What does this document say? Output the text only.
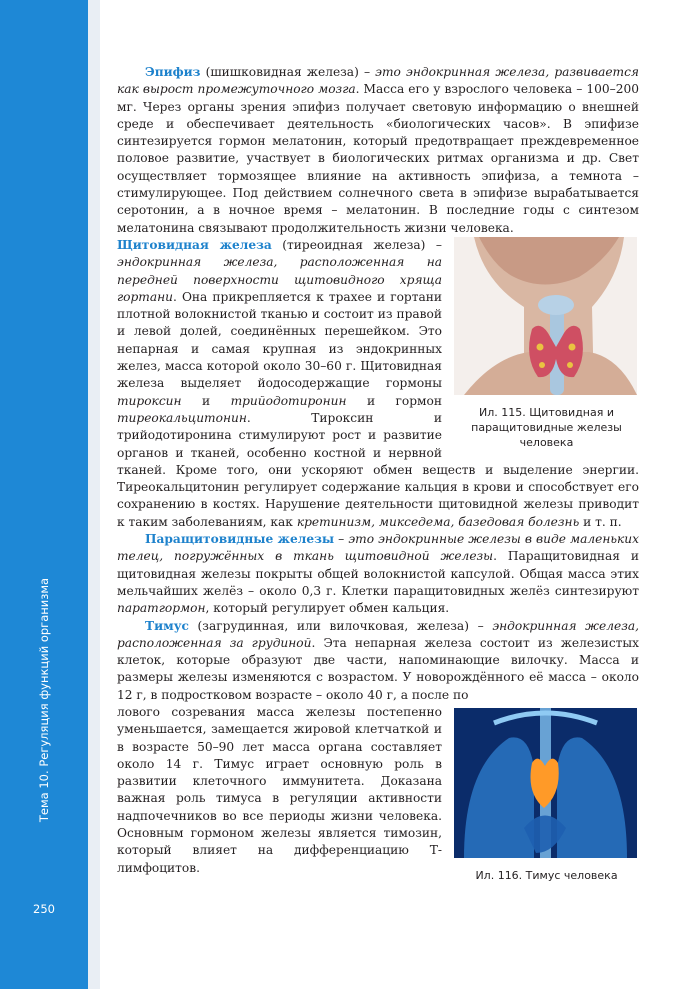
Тема 10. Регуляция функций организма
250

Эпифиз (шишковидная железа) – это эндокринная железа, развивается как вырост промежуточного мозга. Масса его у взрослого человека – 100–200 мг. Через органы зрения эпифиз получает световую информацию о внешней среде и обеспечивает деятельность «биологических часов». В эпифизе синтезируется гормон мелатонин, который предотвращает преждевременное половое развитие, участвует в биологических ритмах организма и др. Свет осуществляет тормозящее влияние на активность эпифиза, а темнота – стимулирующее. Под действием солнечного света в эпифизе вырабатывается серотонин, а в ночное время – мелатонин. В последние годы с синтезом мелатонина связывают продолжительность жизни человека.

Ил. 115. Щитовидная и паращитовидные железы человека

Щитовидная железа (тиреоидная железа) – эндокринная железа, расположенная на передней поверхности щитовидного хряща гортани. Она прикрепляется к трахее и гортани плотной волокнистой тканью и состоит из правой и левой долей, соединённых перешейком. Это непарная и самая крупная из эндокринных желез, масса которой около 30–60 г. Щитовидная железа выделяет йодосодержащие гормоны тироксин и трийодотиронин и гормон тиреокальцитонин. Тироксин и трийодотиронина стимулируют рост и развитие органов и тканей, особенно костной и нервной тканей. Кроме того, они ускоряют обмен веществ и выделение энергии. Тиреокальцитонин регулирует содержание кальция в крови и способствует его сохранению в костях. Нарушение деятельности щитовидной железы приводит к таким заболеваниям, как кретинизм, микседема, базедовая болезнь и т. п.

Паращитовидные железы – это эндокринные железы в виде маленьких телец, погружённых в ткань щитовидной железы. Паращитовидная и щитовидная железы покрыты общей волокнистой капсулой. Общая масса этих мельчайших желёз – около 0,3 г. Клетки паращитовидных желёз синтезируют паратгормон, который регулирует обмен кальция.

Тимус (загрудинная, или вилочковая, железа) – эндокринная железа, расположенная за грудиной. Эта непарная железа состоит из железистых клеток, которые образуют две части, напоминающие вилочку. Масса и размеры железы изменяются с возрастом. У новорождённого её масса – около 12 г, в подростковом возрасте – около 40 г, а после по

Ил. 116. Тимус человека

лового созревания масса железы постепенно уменьшается, замещается жировой клетчаткой и в возрасте 50–90 лет масса органа составляет около 14 г. Тимус играет основную роль в развитии клеточного иммунитета. Доказана важная роль тимуса в регуляции активности надпочечников во все периоды жизни человека. Основным гормоном железы является тимозин, который влияет на дифференциацию Т-лимфоцитов.
